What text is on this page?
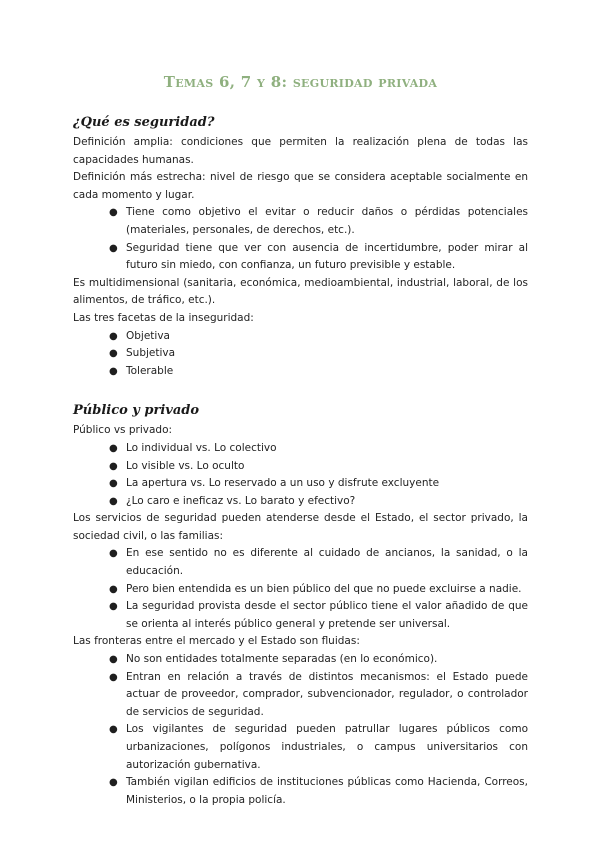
Temas 6, 7 y 8: seguridad privada
¿Qué es seguridad?

Definición amplia: condiciones que permiten la realización plena de todas las capacidades humanas.

Definición más estrecha: nivel de riesgo que se considera aceptable socialmente en cada momento y lugar.

● Tiene como objetivo el evitar o reducir daños o pérdidas potenciales (materiales, personales, de derechos, etc.).
● Seguridad tiene que ver con ausencia de incertidumbre, poder mirar al futuro sin miedo, con confianza, un futuro previsible y estable.

Es multidimensional (sanitaria, económica, medioambiental, industrial, laboral, de los alimentos, de tráfico, etc.).

Las tres facetas de la inseguridad:

● Objetiva
● Subjetiva
● Tolerable
Público y privado

Público vs privado:

● Lo individual vs. Lo colectivo
● Lo visible vs. Lo oculto
● La apertura vs. Lo reservado a un uso y disfrute excluyente
● ¿Lo caro e ineficaz vs. Lo barato y efectivo?

Los servicios de seguridad pueden atenderse desde el Estado, el sector privado, la sociedad civil, o las familias:

● En ese sentido no es diferente al cuidado de ancianos, la sanidad, o la educación.
● Pero bien entendida es un bien público del que no puede excluirse a nadie.
● La seguridad provista desde el sector público tiene el valor añadido de que se orienta al interés público general y pretende ser universal.

Las fronteras entre el mercado y el Estado son fluidas:

● No son entidades totalmente separadas (en lo económico).
● Entran en relación a través de distintos mecanismos: el Estado puede actuar de proveedor, comprador, subvencionador, regulador, o controlador de servicios de seguridad.
● Los vigilantes de seguridad pueden patrullar lugares públicos como urbanizaciones, polígonos industriales, o campus universitarios con autorización gubernativa.
● También vigilan edificios de instituciones públicas como Hacienda, Correos, Ministerios, o la propia policía.
